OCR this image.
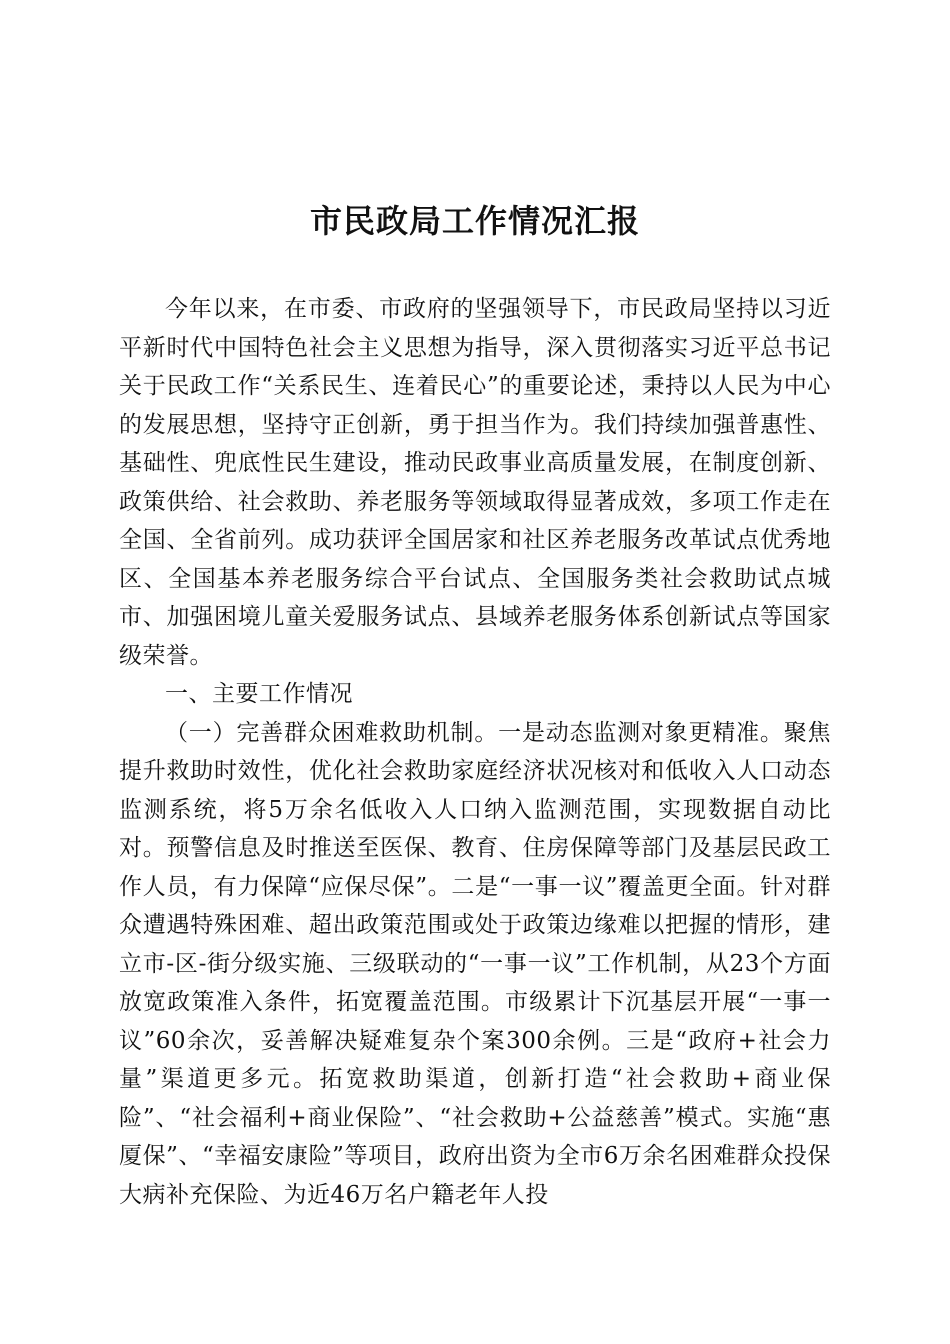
市民政局工作情况汇报

今年以来，在市委、市政府的坚强领导下，市民政局坚持以习近平新时代中国特色社会主义思想为指导，深入贯彻落实习近平总书记关于民政工作“关系民生、连着民心”的重要论述，秉持以人民为中心的发展思想，坚持守正创新，勇于担当作为。我们持续加强普惠性、基础性、兜底性民生建设，推动民政事业高质量发展，在制度创新、政策供给、社会救助、养老服务等领域取得显著成效，多项工作走在全国、全省前列。成功获评全国居家和社区养老服务改革试点优秀地区、全国基本养老服务综合平台试点、全国服务类社会救助试点城市、加强困境儿童关爱服务试点、县域养老服务体系创新试点等国家级荣誉。

一、主要工作情况

（一）完善群众困难救助机制。一是动态监测对象更精准。聚焦提升救助时效性，优化社会救助家庭经济状况核对和低收入人口动态监测系统，将5万余名低收入人口纳入监测范围，实现数据自动比对。预警信息及时推送至医保、教育、住房保障等部门及基层民政工作人员，有力保障“应保尽保”。二是“一事一议”覆盖更全面。针对群众遭遇特殊困难、超出政策范围或处于政策边缘难以把握的情形，建立市-区-街分级实施、三级联动的“一事一议”工作机制，从23个方面放宽政策准入条件，拓宽覆盖范围。市级累计下沉基层开展“一事一议”60余次，妥善解决疑难复杂个案300余例。三是“政府+社会力量”渠道更多元。拓宽救助渠道，创新打造“社会救助+商业保险”、“社会福利+商业保险”、“社会救助+公益慈善”模式。实施“惠厦保”、“幸福安康险”等项目，政府出资为全市6万余名困难群众投保大病补充保险、为近46万名户籍老年人投
